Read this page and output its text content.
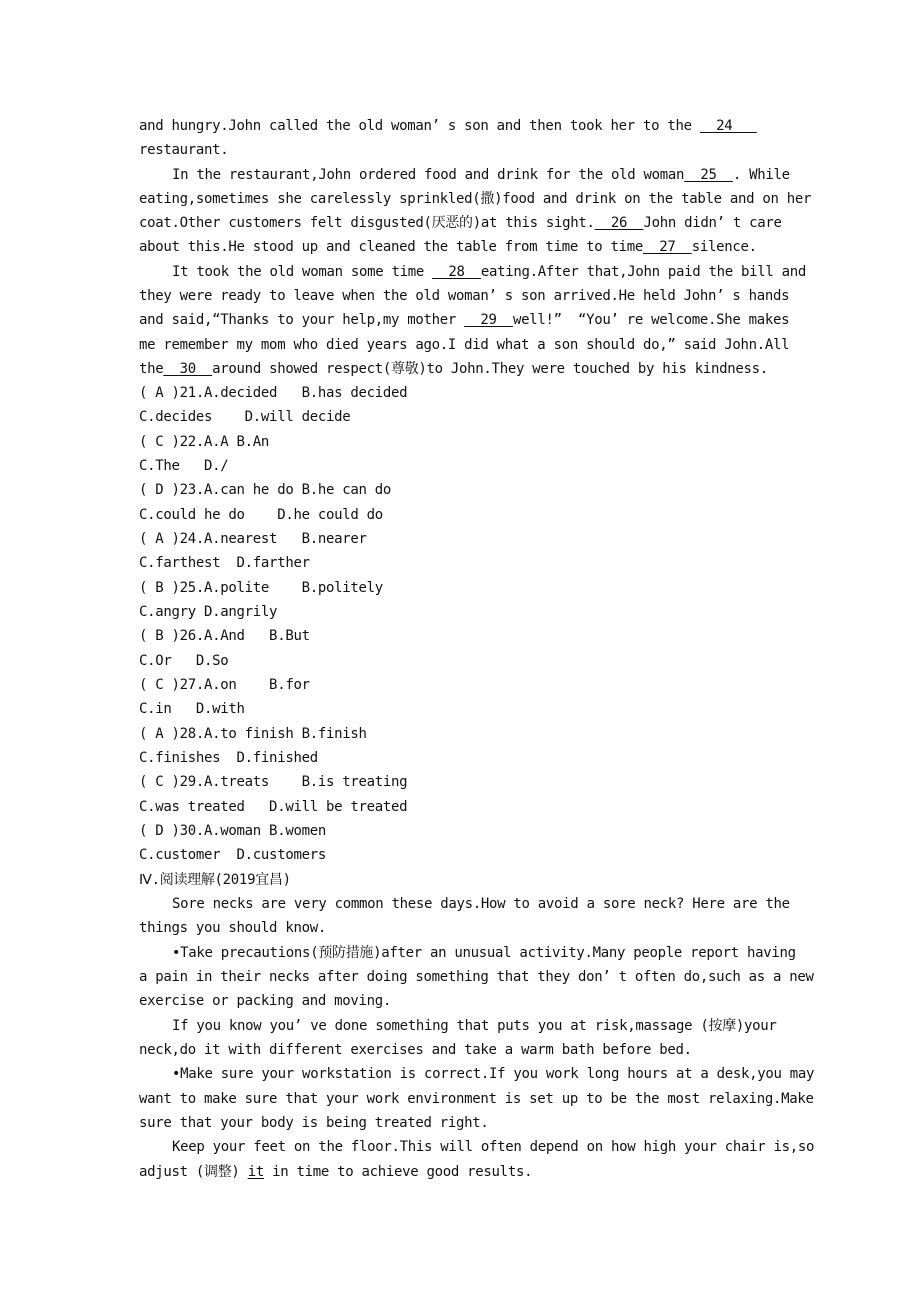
and hungry.John called the old woman’ s son and then took her to the   24
restaurant.
In the restaurant,John ordered food and drink for the old woman  25  . While
eating,sometimes she carelessly sprinkled(撒)food and drink on the table and on her
coat.Other customers felt disgusted(厌恶的)at this sight.  26  John didn’ t care
about this.He stood up and cleaned the table from time to time  27  silence.
It took the old woman some time   28  eating.After that,John paid the bill and
they were ready to leave when the old woman’ s son arrived.He held John’ s hands
and said,“Thanks to your help,my mother   29  well!”  “You’ re welcome.She makes
me remember my mom who died years ago.I did what a son should do,” said John.All
the  30  around showed respect(尊敬)to John.They were touched by his kindness.
( A )21.A.decided   B.has decided
C.decides    D.will decide
( C )22.A.A B.An
C.The   D./
( D )23.A.can he do B.he can do
C.could he do    D.he could do
( A )24.A.nearest   B.nearer
C.farthest  D.farther
( B )25.A.polite    B.politely
C.angry D.angrily
( B )26.A.And   B.But
C.Or   D.So
( C )27.A.on    B.for
C.in   D.with
( A )28.A.to finish B.finish
C.finishes  D.finished
( C )29.A.treats    B.is treating
C.was treated   D.will be treated
( D )30.A.woman B.women
C.customer  D.customers
Ⅳ.阅读理解(2019宜昌)
Sore necks are very common these days.How to avoid a sore neck? Here are the
things you should know.
•Take precautions(预防措施)after an unusual activity.Many people report having
a pain in their necks after doing something that they don’ t often do,such as a new
exercise or packing and moving.
If you know you’ ve done something that puts you at risk,massage (按摩)your
neck,do it with different exercises and take a warm bath before bed.
•Make sure your workstation is correct.If you work long hours at a desk,you may
want to make sure that your work environment is set up to be the most relaxing.Make
sure that your body is being treated right.
Keep your feet on the floor.This will often depend on how high your chair is,so
adjust (调整) it in time to achieve good results.
